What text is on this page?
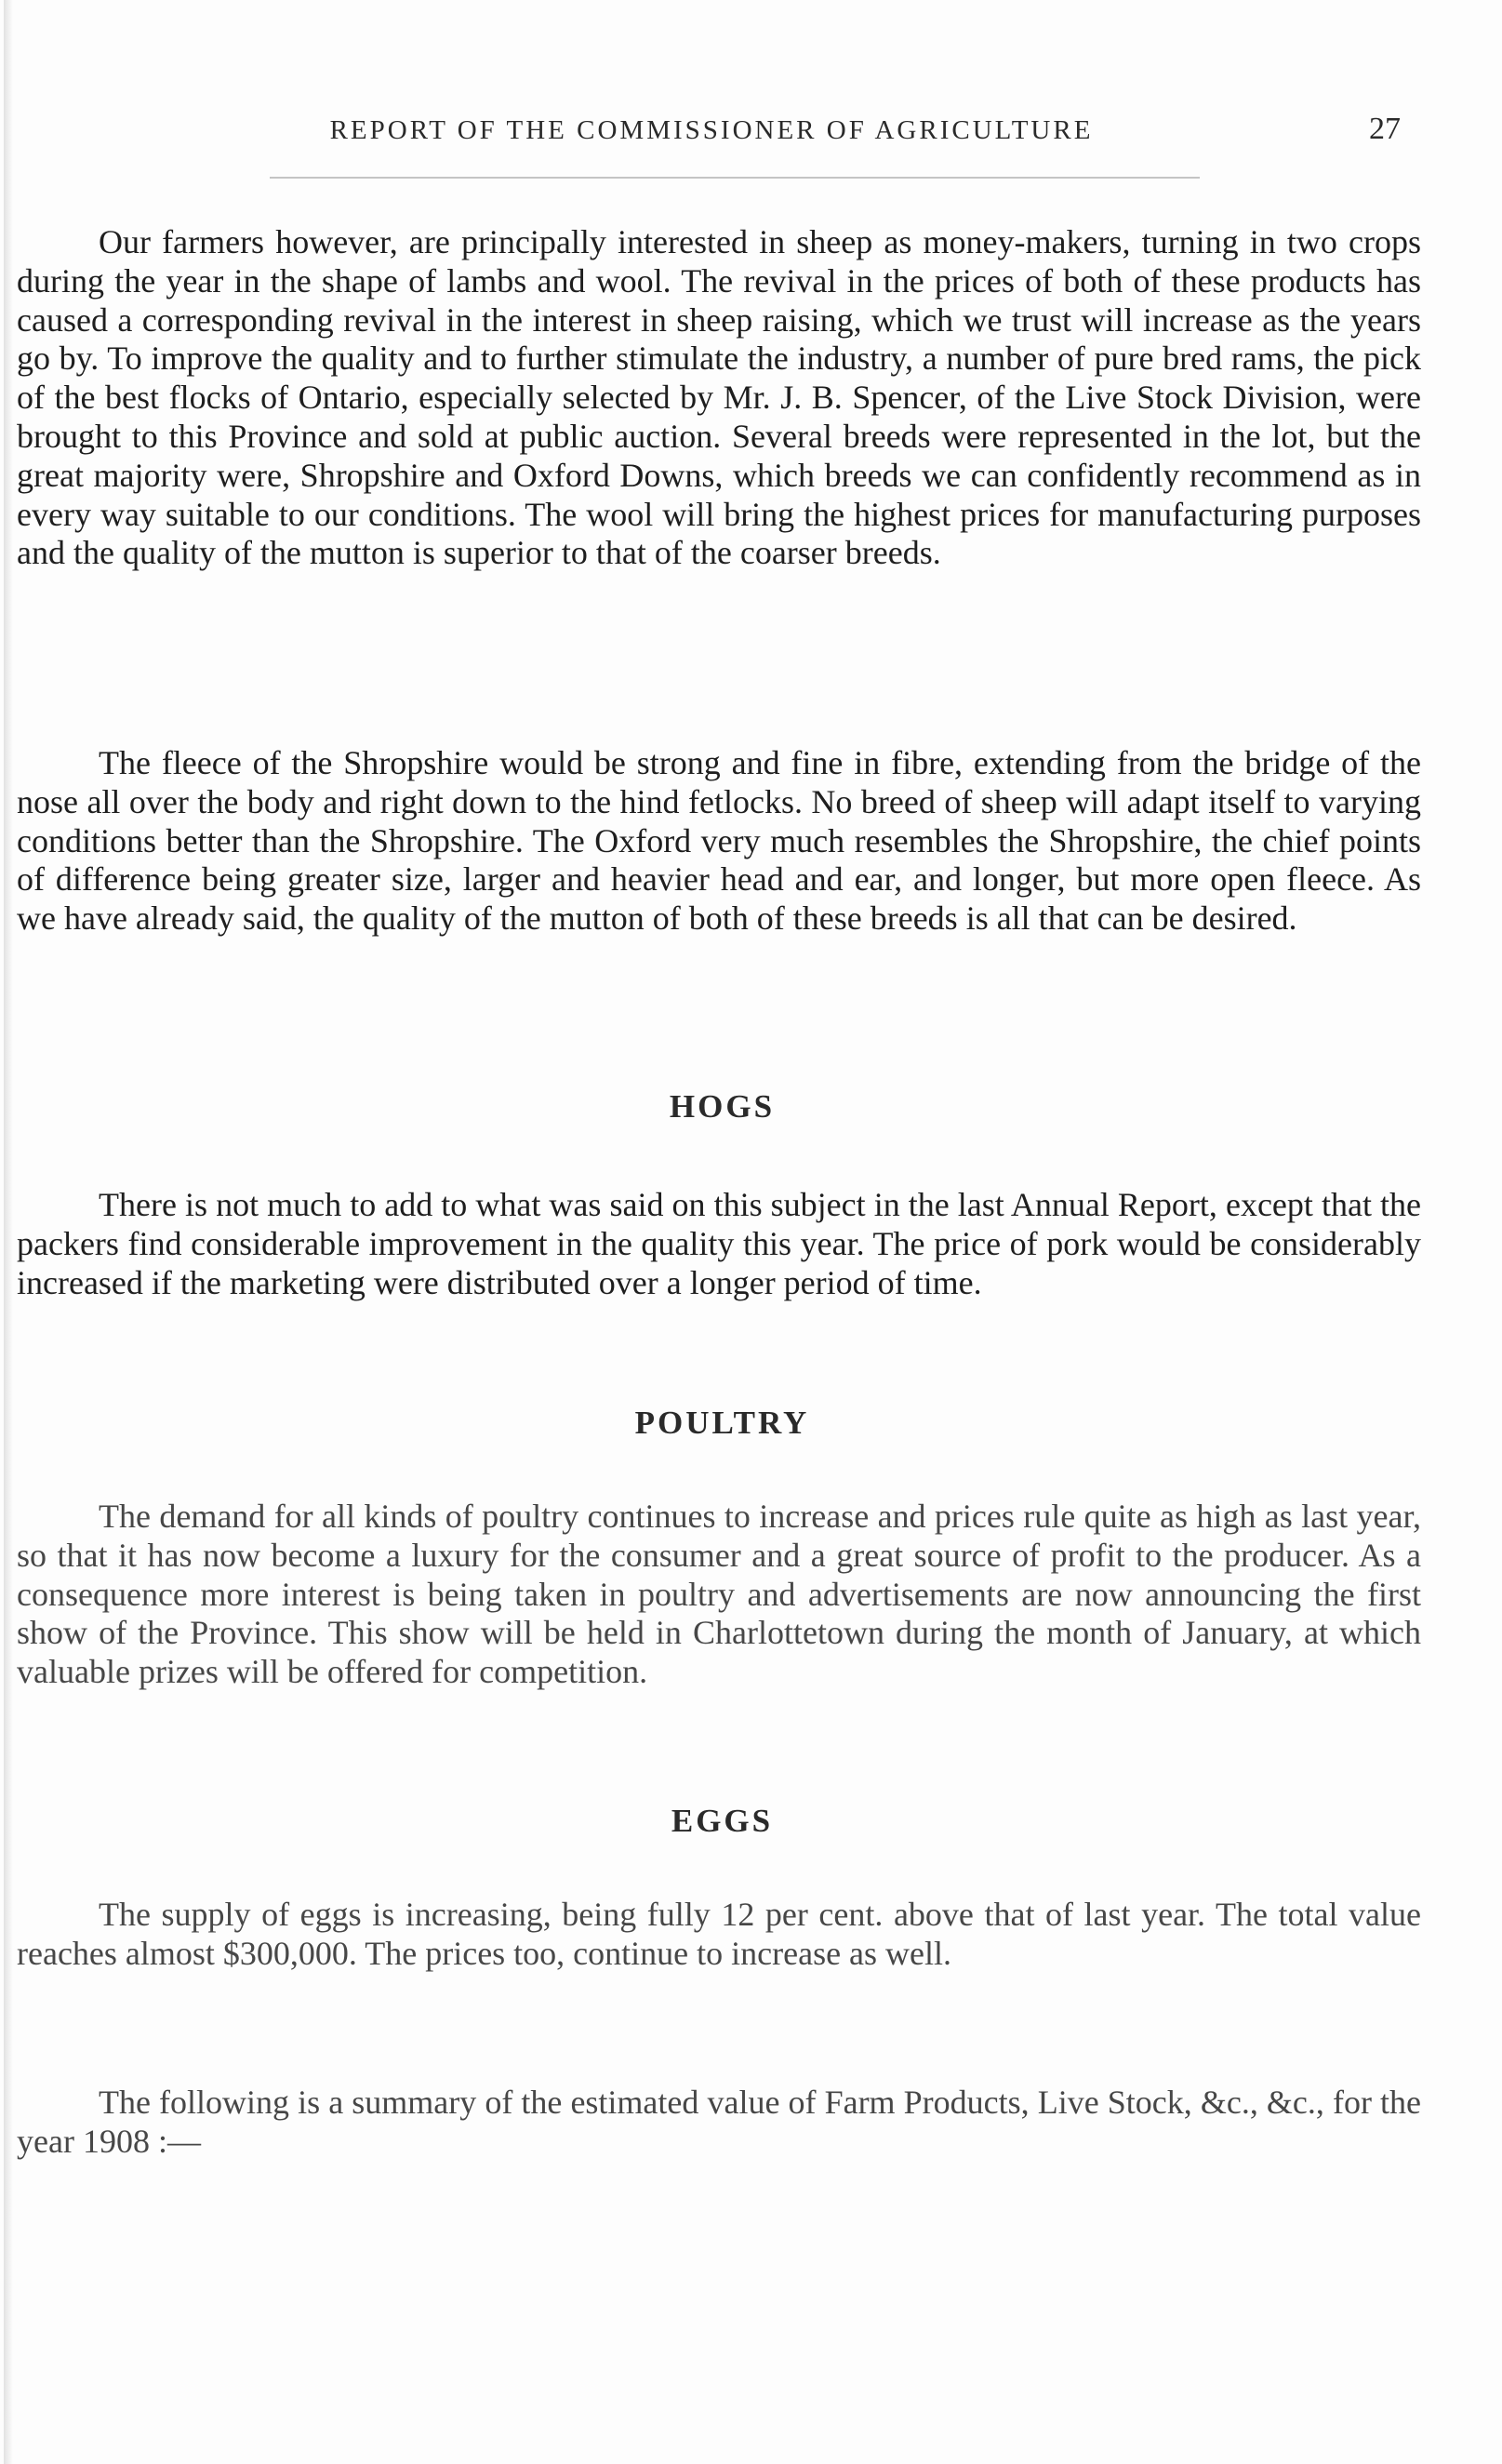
REPORT OF THE COMMISSIONER OF AGRICULTURE	27

Our farmers however, are principally interested in sheep as money-makers, turning in two crops during the year in the shape of lambs and wool. The revival in the prices of both of these products has caused a corresponding revival in the interest in sheep raising, which we trust will increase as the years go by. To improve the quality and to further stimulate the industry, a number of pure bred rams, the pick of the best flocks of Ontario, especially selected by Mr. J. B. Spencer, of the Live Stock Division, were brought to this Province and sold at public auction. Several breeds were represented in the lot, but the great majority were, Shropshire and Oxford Downs, which breeds we can confidently recommend as in every way suitable to our conditions. The wool will bring the highest prices for manufacturing purposes and the quality of the mutton is superior to that of the coarser breeds.

The fleece of the Shropshire would be strong and fine in fibre, extending from the bridge of the nose all over the body and right down to the hind fetlocks. No breed of sheep will adapt itself to varying conditions better than the Shropshire. The Oxford very much resembles the Shropshire, the chief points of difference being greater size, larger and heavier head and ear, and longer, but more open fleece. As we have already said, the quality of the mutton of both of these breeds is all that can be desired.

HOGS

There is not much to add to what was said on this subject in the last Annual Report, except that the packers find considerable improvement in the quality this year. The price of pork would be considerably increased if the marketing were distributed over a longer period of time.

POULTRY

The demand for all kinds of poultry continues to increase and prices rule quite as high as last year, so that it has now become a luxury for the consumer and a great source of profit to the producer. As a consequence more interest is being taken in poultry and advertisements are now announcing the first show of the Province. This show will be held in Charlottetown during the month of January, at which valuable prizes will be offered for competition.

EGGS

The supply of eggs is increasing, being fully 12 per cent. above that of last year. The total value reaches almost $300,000. The prices too, continue to increase as well.

The following is a summary of the estimated value of Farm Products, Live Stock, &c., &c., for the year 1908 :—
